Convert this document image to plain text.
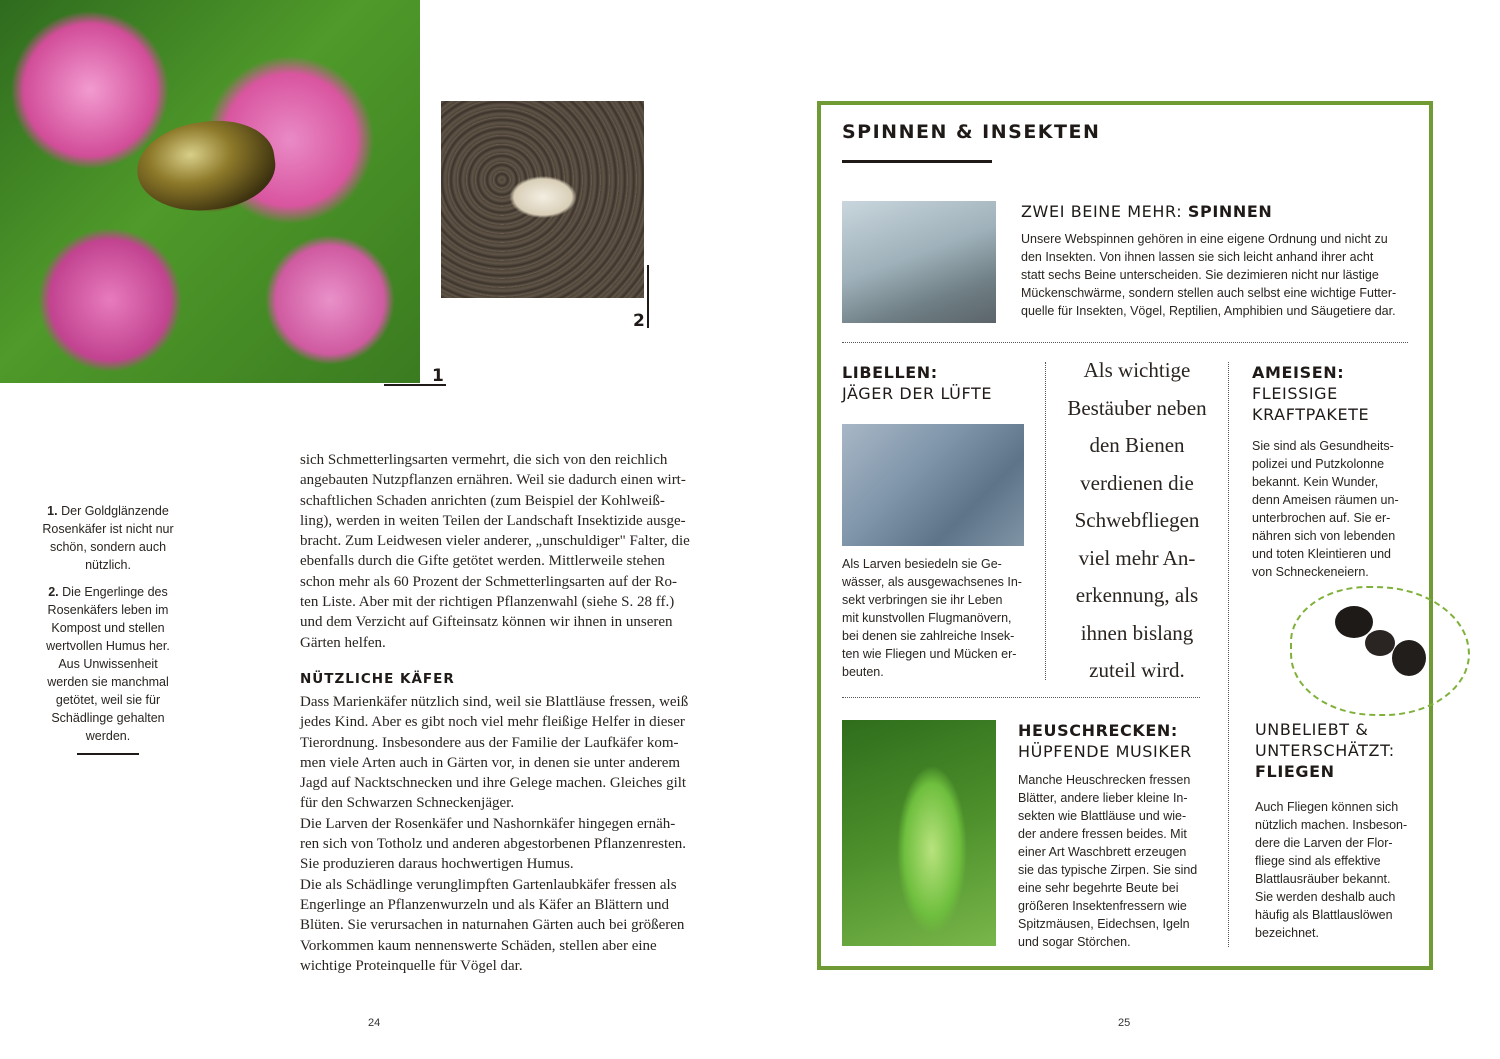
1
2
1. Der Goldglänzende
Rosenkäfer ist nicht nur
schön, sondern auch
nützlich.
2. Die Engerlinge des
Rosenkäfers leben im
Kompost und stellen
wertvollen Humus her.
Aus Unwissenheit
werden sie manchmal
getötet, weil sie für
Schädlinge gehalten
werden.
sich Schmetterlingsarten vermehrt, die sich von den reichlich
angebauten Nutzpflanzen ernähren. Weil sie dadurch einen wirt-
schaftlichen Schaden anrichten (zum Beispiel der Kohlweiß-
ling), werden in weiten Teilen der Landschaft Insektizide ausge-
bracht. Zum Leidwesen vieler anderer, „unschuldiger" Falter, die
ebenfalls durch die Gifte getötet werden. Mittlerweile stehen
schon mehr als 60 Prozent der Schmetterlingsarten auf der Ro-
ten Liste. Aber mit der richtigen Pflanzenwahl (siehe S. 28 ff.)
und dem Verzicht auf Gifteinsatz können wir ihnen in unseren
Gärten helfen.
NÜTZLICHE KÄFER
Dass Marienkäfer nützlich sind, weil sie Blattläuse fressen, weiß
jedes Kind. Aber es gibt noch viel mehr fleißige Helfer in dieser
Tierordnung. Insbesondere aus der Familie der Laufkäfer kom-
men viele Arten auch in Gärten vor, in denen sie unter anderem
Jagd auf Nacktschnecken und ihre Gelege machen. Gleiches gilt
für den Schwarzen Schneckenjäger.
Die Larven der Rosenkäfer und Nashornkäfer hingegen ernäh-
ren sich von Totholz und anderen abgestorbenen Pflanzenresten.
Sie produzieren daraus hochwertigen Humus.
Die als Schädlinge verunglimpften Gartenlaubkäfer fressen als
Engerlinge an Pflanzenwurzeln und als Käfer an Blättern und
Blüten. Sie verursachen in naturnahen Gärten auch bei größeren
Vorkommen kaum nennenswerte Schäden, stellen aber eine
wichtige Proteinquelle für Vögel dar.
24
SPINNEN & INSEKTEN
ZWEI BEINE MEHR: SPINNEN
Unsere Webspinnen gehören in eine eigene Ordnung und nicht zu
den Insekten. Von ihnen lassen sie sich leicht anhand ihrer acht
statt sechs Beine unterscheiden. Sie dezimieren nicht nur lästige
Mückenschwärme, sondern stellen auch selbst eine wichtige Futter-
quelle für Insekten, Vögel, Reptilien, Amphibien und Säugetiere dar.
LIBELLEN:
JÄGER DER LÜFTE
Als Larven besiedeln sie Ge-
wässer, als ausgewachsenes In-
sekt verbringen sie ihr Leben
mit kunstvollen Flugmanövern,
bei denen sie zahlreiche Insek-
ten wie Fliegen und Mücken er-
beuten.
Als wichtige
Bestäuber neben
den Bienen
verdienen die
Schwebfliegen
viel mehr An-
erkennung, als
ihnen bislang
zuteil wird.
AMEISEN:
FLEISSIGE
KRAFTPAKETE
Sie sind als Gesundheits-
polizei und Putzkolonne
bekannt. Kein Wunder,
denn Ameisen räumen un-
unterbrochen auf. Sie er-
nähren sich von lebenden
und toten Kleintieren und
von Schneckeneiern.
HEUSCHRECKEN:
HÜPFENDE MUSIKER
Manche Heuschrecken fressen
Blätter, andere lieber kleine In-
sekten wie Blattläuse und wie-
der andere fressen beides. Mit
einer Art Waschbrett erzeugen
sie das typische Zirpen. Sie sind
eine sehr begehrte Beute bei
größeren Insektenfressern wie
Spitzmäusen, Eidechsen, Igeln
und sogar Störchen.
UNBELIEBT &
UNTERSCHÄTZT:
FLIEGEN
Auch Fliegen können sich
nützlich machen. Insbeson-
dere die Larven der Flor-
fliege sind als effektive
Blattlausräuber bekannt.
Sie werden deshalb auch
häufig als Blattlauslöwen
bezeichnet.
25
